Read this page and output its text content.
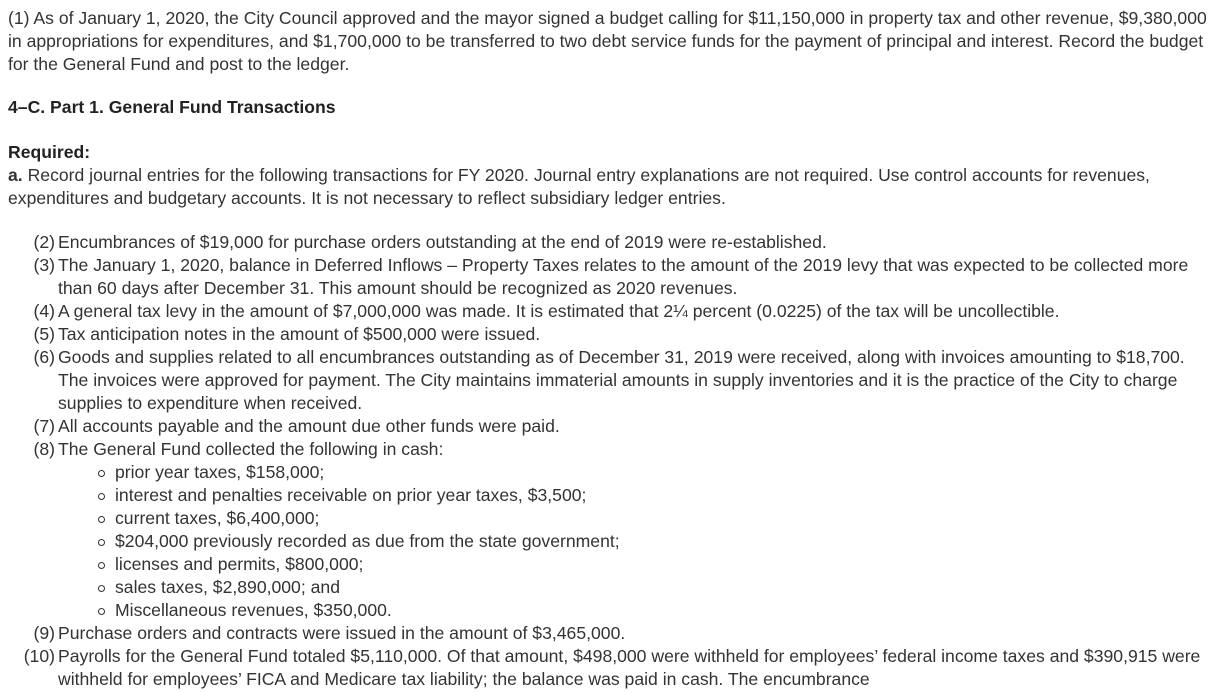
(1) As of January 1, 2020, the City Council approved and the mayor signed a budget calling for $11,150,000 in property tax and other revenue, $9,380,000 in appropriations for expenditures, and $1,700,000 to be transferred to two debt service funds for the payment of principal and interest. Record the budget for the General Fund and post to the ledger.

4–C. Part 1. General Fund Transactions

Required:
a. Record journal entries for the following transactions for FY 2020. Journal entry explanations are not required. Use control accounts for revenues, expenditures and budgetary accounts. It is not necessary to reflect subsidiary ledger entries.
(2) Encumbrances of $19,000 for purchase orders outstanding at the end of 2019 were re-established.
(3) The January 1, 2020, balance in Deferred Inflows – Property Taxes relates to the amount of the 2019 levy that was expected to be collected more than 60 days after December 31. This amount should be recognized as 2020 revenues.
(4) A general tax levy in the amount of $7,000,000 was made. It is estimated that 2¼ percent (0.0225) of the tax will be uncollectible.
(5) Tax anticipation notes in the amount of $500,000 were issued.
(6) Goods and supplies related to all encumbrances outstanding as of December 31, 2019 were received, along with invoices amounting to $18,700. The invoices were approved for payment. The City maintains immaterial amounts in supply inventories and it is the practice of the City to charge supplies to expenditure when received.
(7) All accounts payable and the amount due other funds were paid.
(8) The General Fund collected the following in cash:
prior year taxes, $158,000;
interest and penalties receivable on prior year taxes, $3,500;
current taxes, $6,400,000;
$204,000 previously recorded as due from the state government;
licenses and permits, $800,000;
sales taxes, $2,890,000; and
Miscellaneous revenues, $350,000.
(9) Purchase orders and contracts were issued in the amount of $3,465,000.
(10) Payrolls for the General Fund totaled $5,110,000. Of that amount, $498,000 were withheld for employees’ federal income taxes and $390,915 were withheld for employees’ FICA and Medicare tax liability; the balance was paid in cash. The encumbrance
